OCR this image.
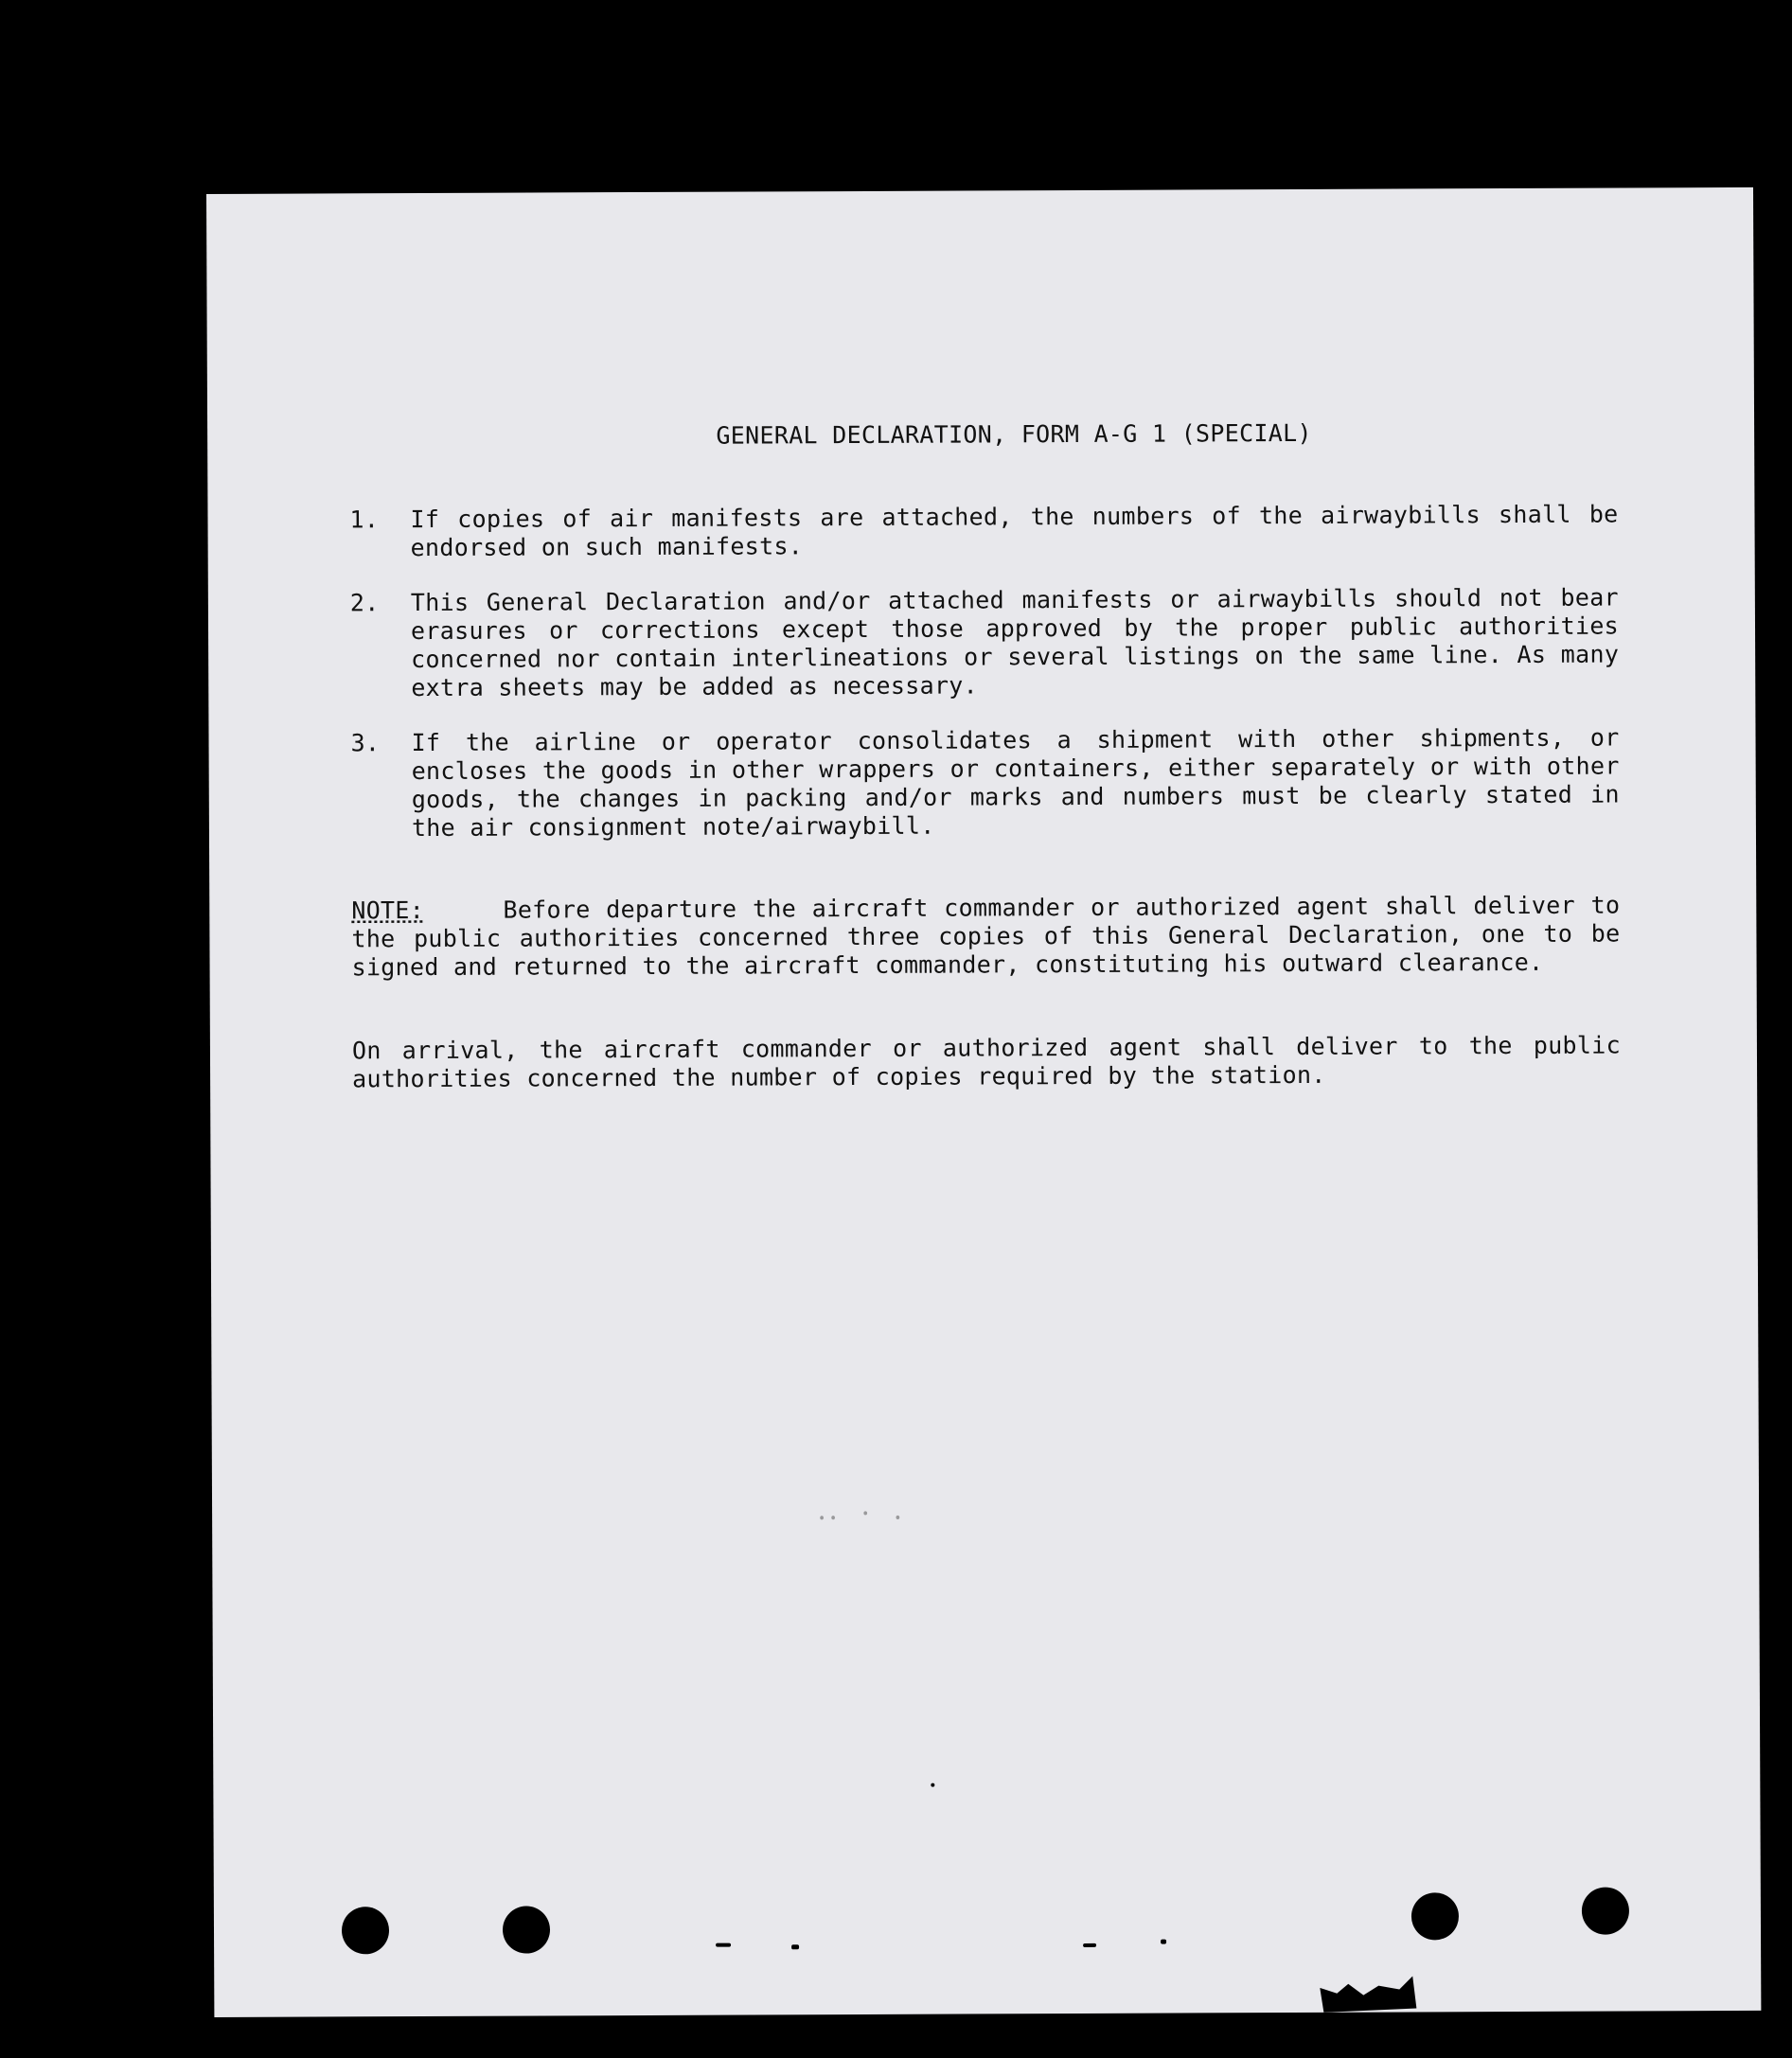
GENERAL DECLARATION, FORM A-G 1 (SPECIAL)
1. If copies of air manifests are attached, the numbers of the airwaybills shall be endorsed on such manifests.
2. This General Declaration and/or attached manifests or airwaybills should not bear erasures or corrections except those approved by the proper public authorities concerned nor contain interlineations or several listings on the same line. As many extra sheets may be added as necessary.
3. If the airline or operator consolidates a shipment with other shipments, or encloses the goods in other wrappers or containers, either separately or with other goods, the changes in packing and/or marks and numbers must be clearly stated in the air consignment note/airwaybill.
NOTE:	Before departure the aircraft commander or authorized agent shall deliver to the public authorities concerned three copies of this General Declaration, one to be signed and returned to the aircraft commander, constituting his outward clearance.
On arrival, the aircraft commander or authorized agent shall deliver to the public authorities concerned the number of copies required by the station.
⸳⸳ ⸱ ⸳
